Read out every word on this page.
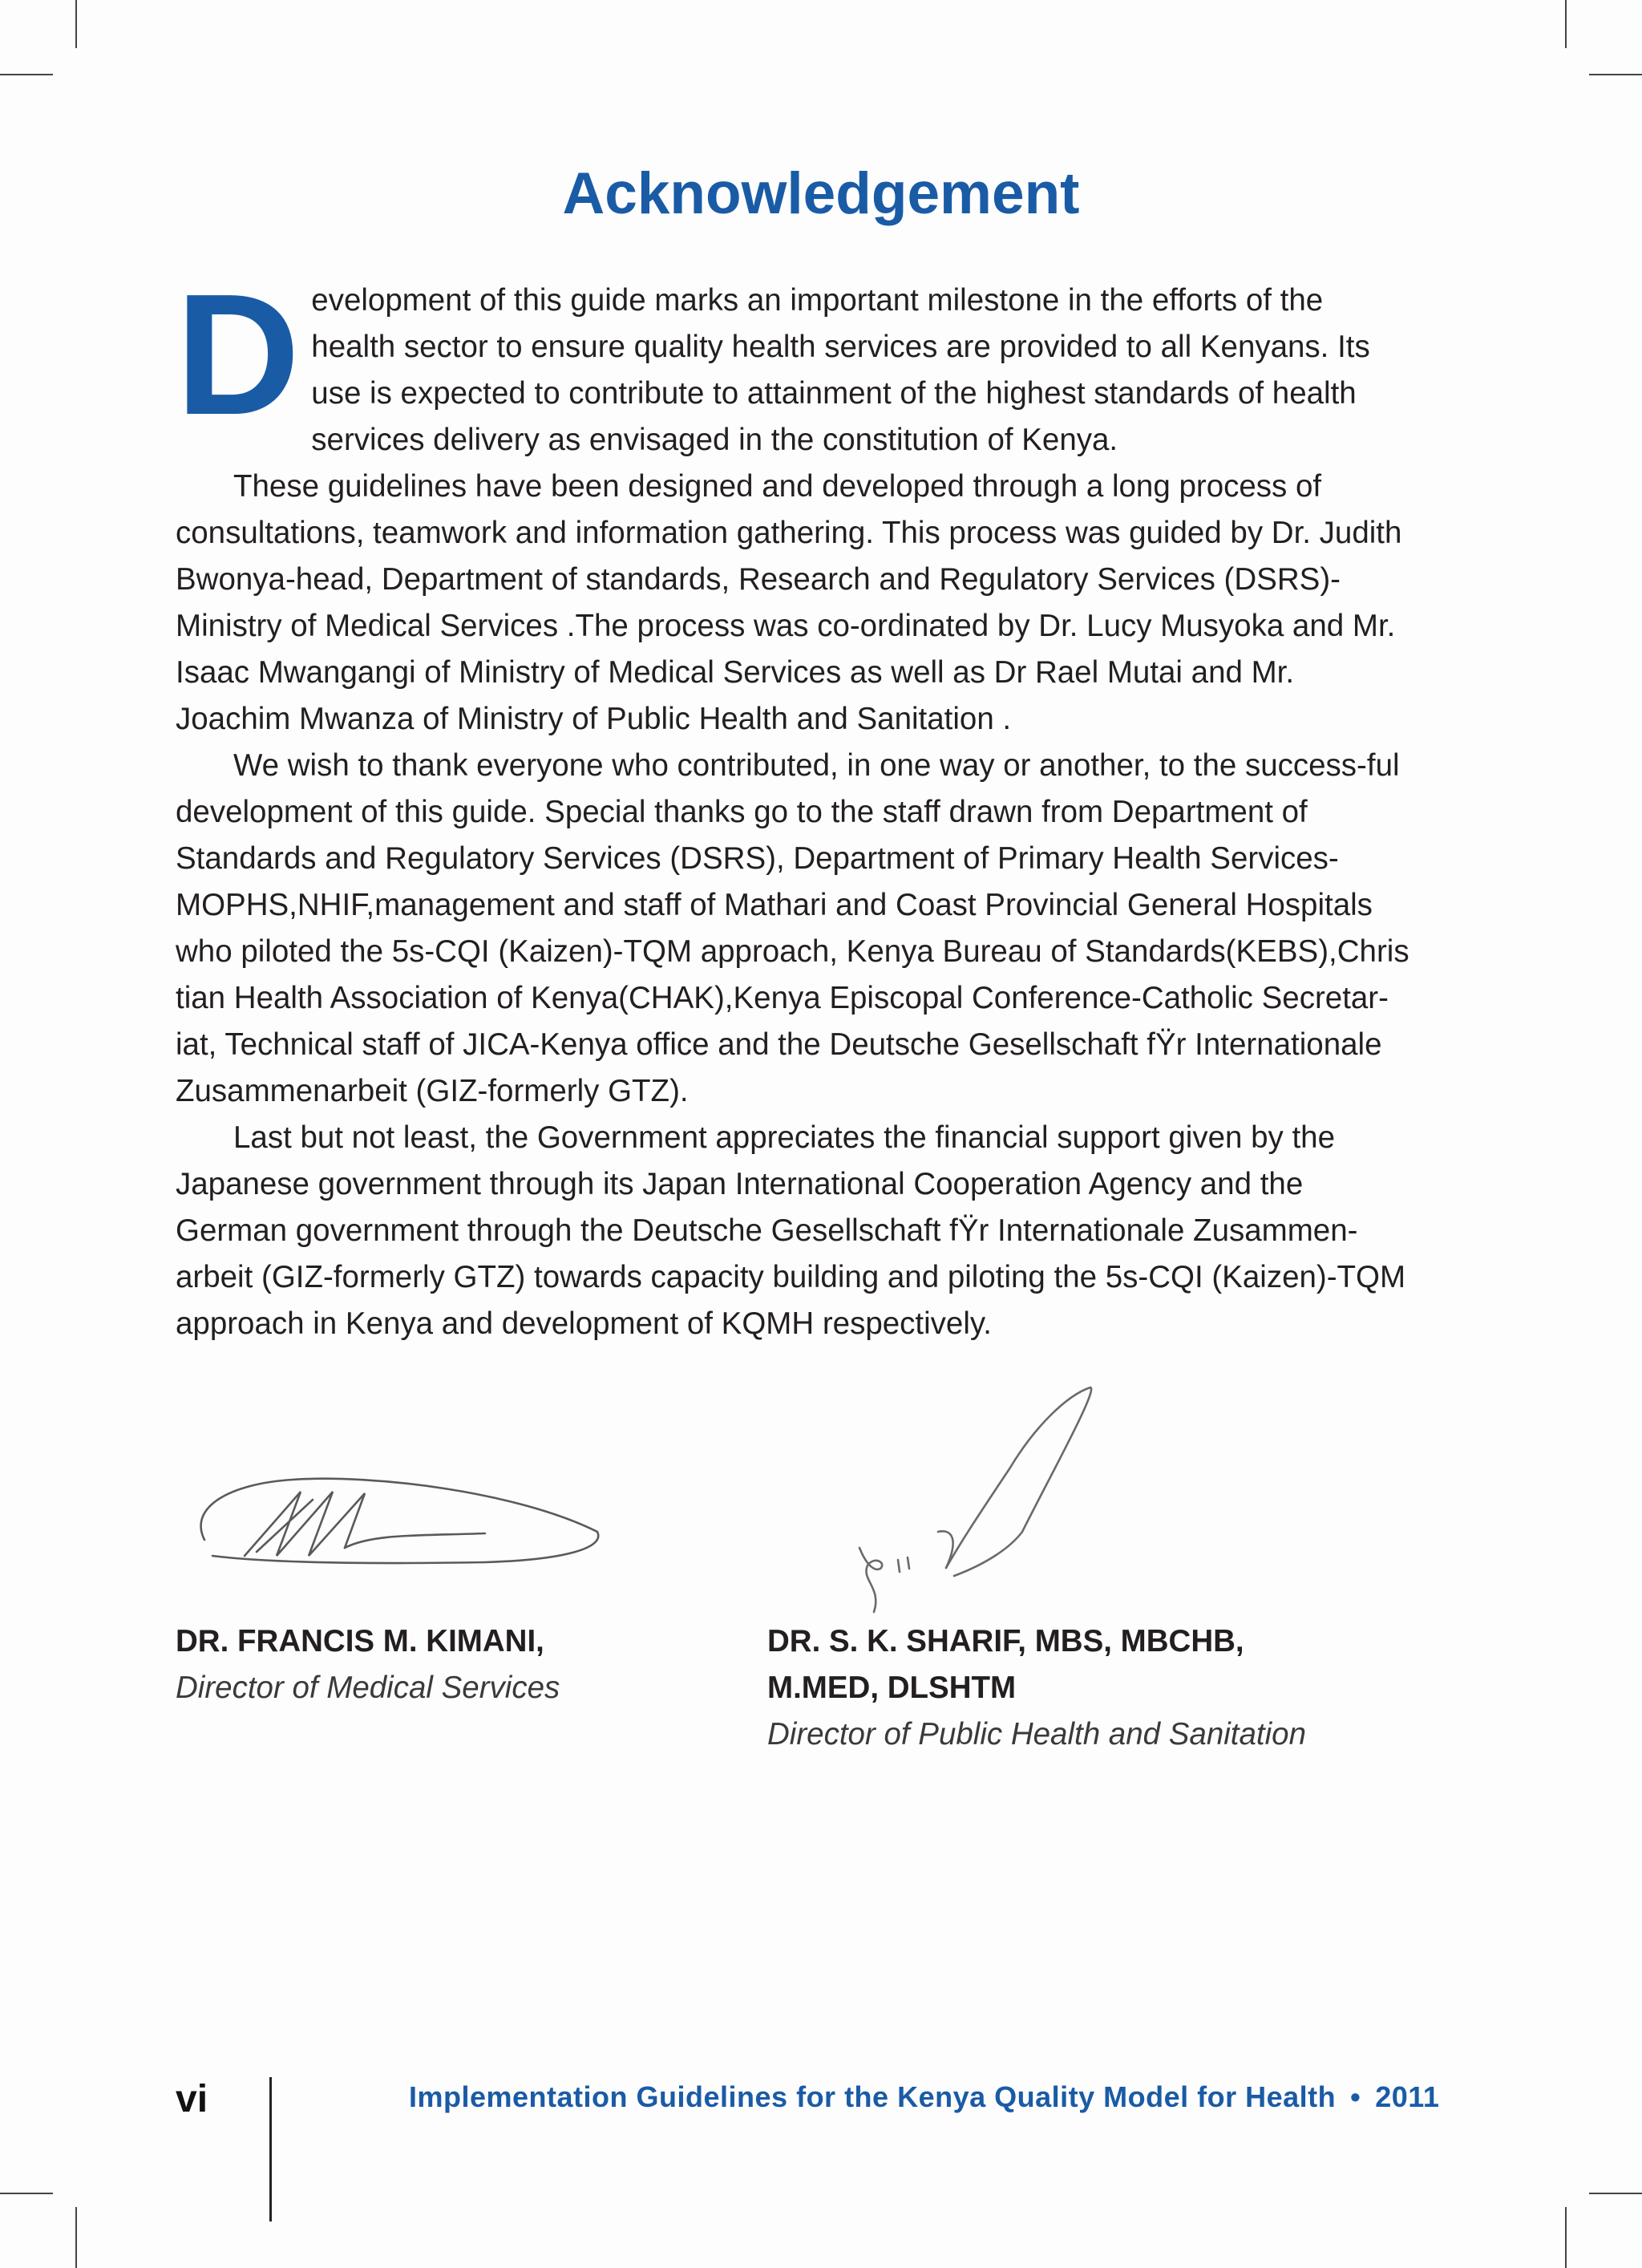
Acknowledgement

Development of this guide marks an important milestone in the efforts of the health sector to ensure quality health services are provided to all Kenyans. Its use is expected to contribute to attainment of the highest standards of health services delivery as envisaged in the constitution of Kenya.

These guidelines have been designed and developed through a long process of consultations, teamwork and information gathering. This process was guided by Dr. Judith Bwonya-head, Department of standards, Research and Regulatory Services (DSRS)-Ministry of Medical Services .The process was co-ordinated by Dr. Lucy Musyoka and Mr. Isaac Mwangangi of Ministry of Medical Services as well as Dr Rael Mutai and Mr. Joachim Mwanza of Ministry of Public Health and Sanitation .

We wish to thank everyone who contributed, in one way or another, to the success-ful development of this guide. Special thanks go to the staff drawn from Department of Standards and Regulatory Services (DSRS), Department of Primary Health Services-MOPHS,NHIF,management and staff of Mathari and Coast Provincial General Hospitals who piloted the 5s-CQI (Kaizen)-TQM approach, Kenya Bureau of Standards(KEBS),Chris tian Health Association of Kenya(CHAK),Kenya Episcopal Conference-Catholic Secretar-iat, Technical staff of JICA-Kenya office and the Deutsche Gesellschaft fŸr Internationale Zusammenarbeit (GIZ-formerly GTZ).

Last but not least, the Government appreciates the financial support given by the Japanese government through its Japan International Cooperation Agency and the German government through the Deutsche Gesellschaft fŸr Internationale Zusammen-arbeit (GIZ-formerly GTZ) towards capacity building and piloting the 5s-CQI (Kaizen)-TQM approach in Kenya and development of KQMH respectively.

DR. FRANCIS M. KIMANI,
Director of Medical Services
DR. S. K. SHARIF, MBS, MBCHB,
M.MED, DLSHTM
Director of Public Health and Sanitation
vi	Implementation Guidelines for the Kenya Quality Model for Health • 2011
